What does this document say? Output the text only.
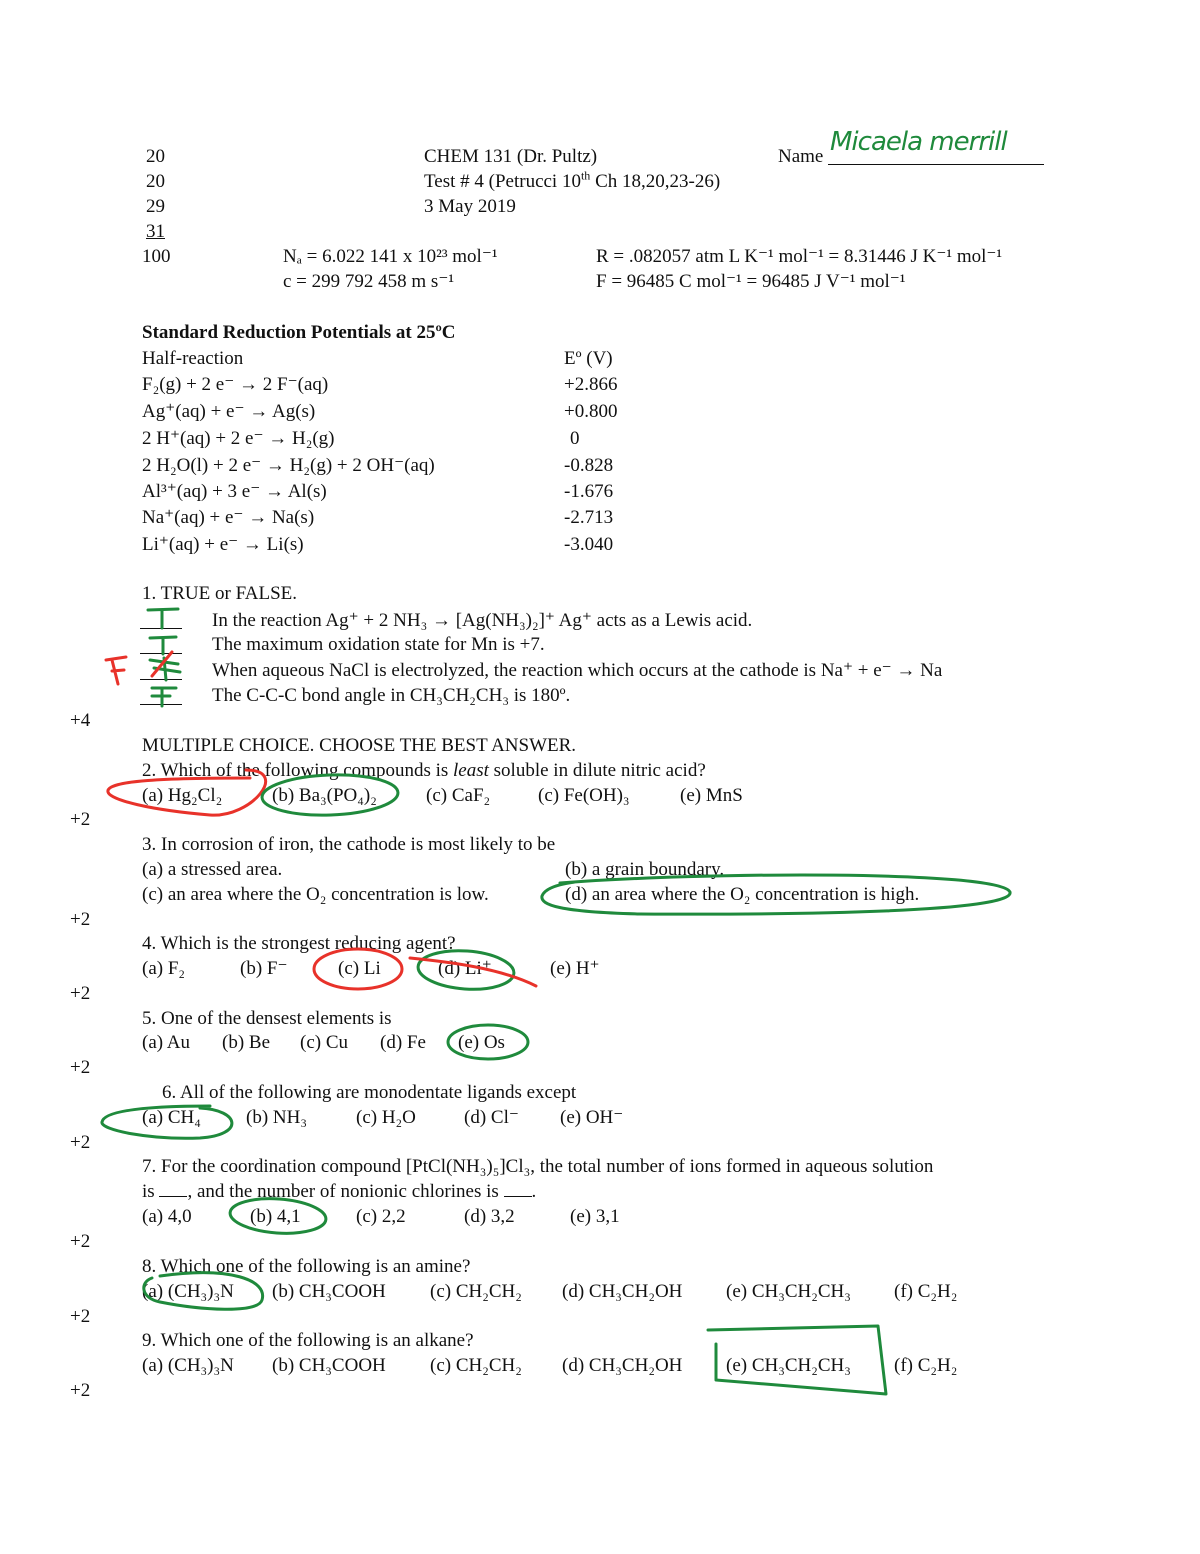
20
20
29
31
100
CHEM 131 (Dr. Pultz)
Test # 4 (Petrucci 10th Ch 18,20,23-26)
3 May 2019
Name Micaela merrill
Nₐ = 6.022 141 x 10²³ mol⁻¹
c = 299 792 458 m s⁻¹
R = .082057 atm L K⁻¹ mol⁻¹ = 8.31446 J K⁻¹ mol⁻¹
F = 96485 C mol⁻¹ = 96485 J V⁻¹ mol⁻¹
Standard Reduction Potentials at 25ºC
Half-reaction	Eº (V)
F₂(g) + 2 e⁻ → 2 F⁻(aq)	+2.866
Ag⁺(aq) + e⁻ → Ag(s)	+0.800
2 H⁺(aq) + 2 e⁻ → H₂(g)	0
2 H₂O(l) + 2 e⁻ → H₂(g) + 2 OH⁻(aq)	-0.828
Al³⁺(aq) + 3 e⁻ → Al(s)	-1.676
Na⁺(aq) + e⁻ → Na(s)	-2.713
Li⁺(aq) + e⁻ → Li(s)	-3.040
1. TRUE or FALSE.
In the reaction Ag⁺ + 2 NH₃ → [Ag(NH₃)₂]⁺ Ag⁺ acts as a Lewis acid.
The maximum oxidation state for Mn is +7.
When aqueous NaCl is electrolyzed, the reaction which occurs at the cathode is Na⁺ + e⁻ → Na
The C-C-C bond angle in CH₃CH₂CH₃ is 180º.
+4
MULTIPLE CHOICE. CHOOSE THE BEST ANSWER.
2. Which of the following compounds is least soluble in dilute nitric acid?
(a) Hg₂Cl₂	(b) Ba₃(PO₄)₂	(c) CaF₂	(c) Fe(OH)₃	(e) MnS
+2
3. In corrosion of iron, the cathode is most likely to be
(a) a stressed area.	(b) a grain boundary.
(c) an area where the O₂ concentration is low.	(d) an area where the O₂ concentration is high.
+2
4. Which is the strongest reducing agent?
(a) F₂	(b) F⁻	(c) Li	(d) Li⁺	(e) H⁺
+2
5. One of the densest elements is
(a) Au (b) Be (c) Cu (d) Fe (e) Os
+2
6. All of the following are monodentate ligands except
(a) CH₄ (b) NH₃	(c) H₂O	(d) Cl⁻ (e) OH⁻
+2
7. For the coordination compound [PtCl(NH₃)₅]Cl₃, the total number of ions formed in aqueous solution
is , and the number of nonionic chlorines is .
(a) 4,0	(b) 4,1	(c) 2,2	(d) 3,2	(e) 3,1
+2
8. Which one of the following is an amine?
(a) (CH₃)₃N (b) CH₃COOH (c) CH₂CH₂ (d) CH₃CH₂OH (e) CH₃CH₂CH₃ (f) C₂H₂
+2
9. Which one of the following is an alkane?
(a) (CH₃)₃N (b) CH₃COOH (c) CH₂CH₂ (d) CH₃CH₂OH (e) CH₃CH₂CH₃ (f) C₂H₂
+2
